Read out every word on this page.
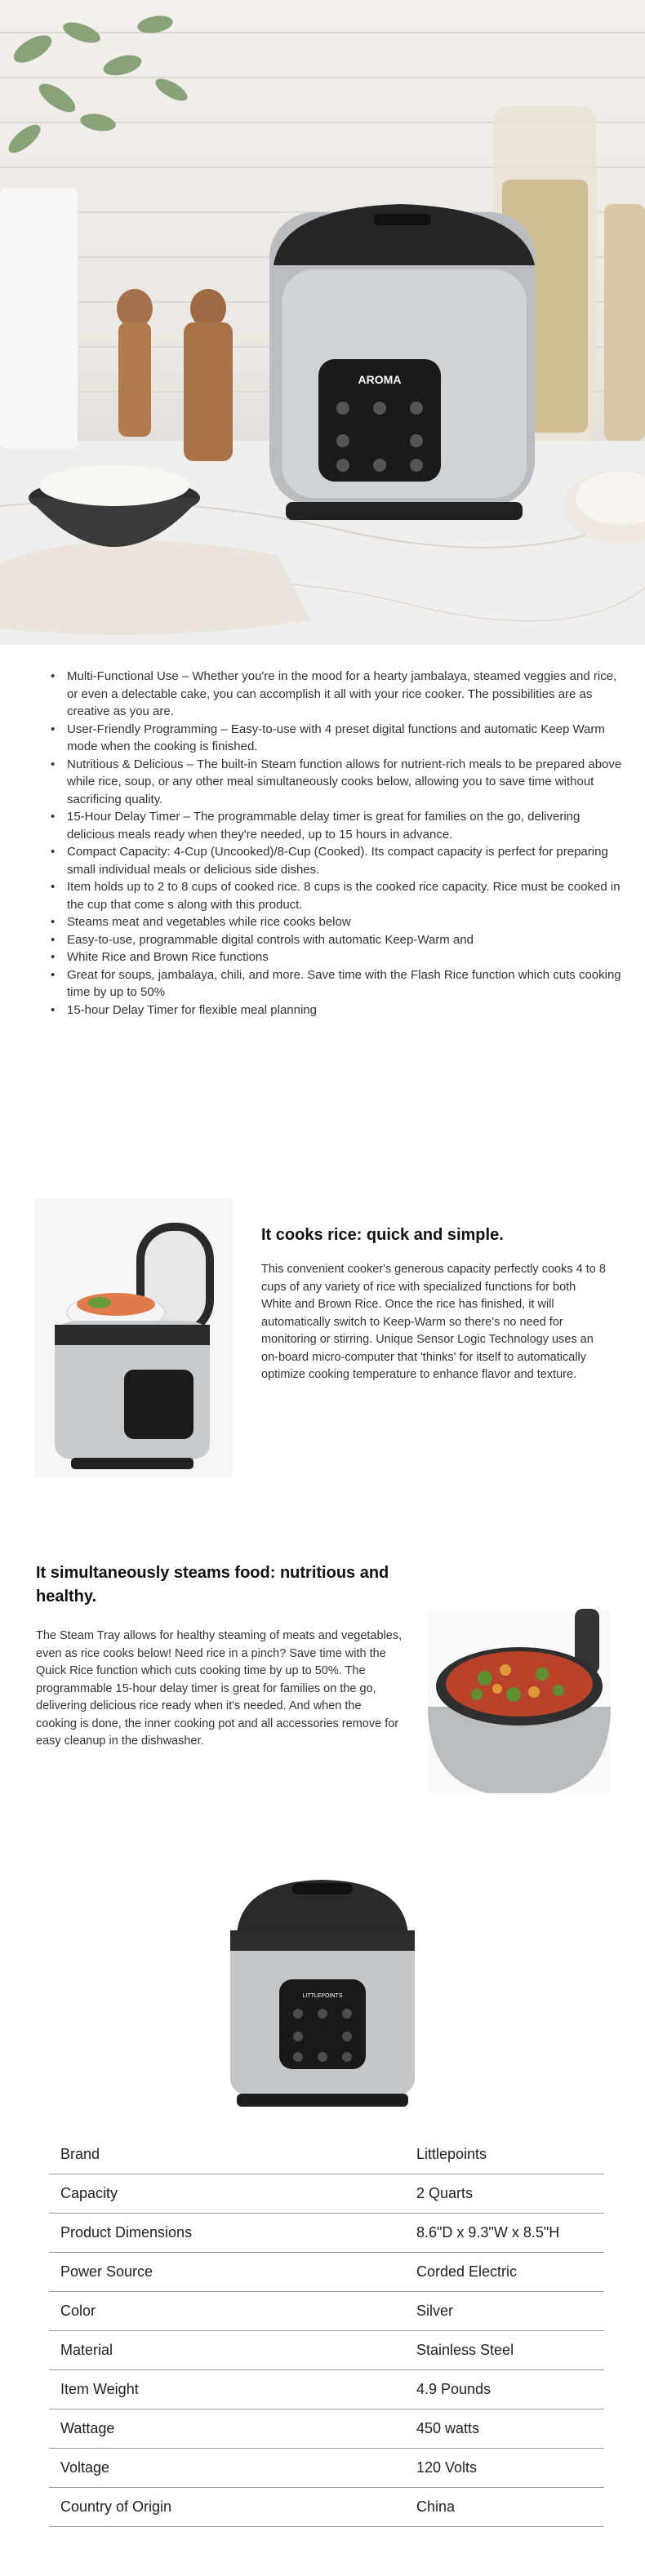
AROMA
• Multi-Functional Use – Whether you're in the mood for a hearty jambalaya, steamed veggies and rice, or even a delectable cake, you can accomplish it all with your rice cooker. The possibilities are as creative as you are.
• User-Friendly Programming – Easy-to-use with 4 preset digital functions and automatic Keep Warm mode when the cooking is finished.
• Nutritious & Delicious – The built-in Steam function allows for nutrient-rich meals to be prepared above while rice, soup, or any other meal simultaneously cooks below, allowing you to save time without sacrificing quality.
• 15-Hour Delay Timer – The programmable delay timer is great for families on the go, delivering delicious meals ready when they're needed, up to 15 hours in advance.
• Compact Capacity: 4-Cup (Uncooked)/8-Cup (Cooked). Its compact capacity is perfect for preparing small individual meals or delicious side dishes.
• Item holds up to 2 to 8 cups of cooked rice. 8 cups is the cooked rice capacity. Rice must be cooked in the cup that come s along with this product.
• Steams meat and vegetables while rice cooks below
• Easy-to-use, programmable digital controls with automatic Keep-Warm and
• White Rice and Brown Rice functions
• Great for soups, jambalaya, chili, and more. Save time with the Flash Rice function which cuts cooking time by up to 50%
• 15-hour Delay Timer for flexible meal planning
It cooks rice: quick and simple.
This convenient cooker's generous capacity perfectly cooks 4 to 8 cups of any variety of rice with specialized functions for both White and Brown Rice. Once the rice has finished, it will automatically switch to Keep-Warm so there's no need for monitoring or stirring. Unique Sensor Logic Technology uses an on-board micro-computer that 'thinks' for itself to automatically optimize cooking temperature to enhance flavor and texture.
It simultaneously steams food: nutritious and healthy.
The Steam Tray allows for healthy steaming of meats and vegetables, even as rice cooks below! Need rice in a pinch? Save time with the Quick Rice function which cuts cooking time by up to 50%. The programmable 15-hour delay timer is great for families on the go, delivering delicious rice ready when it's needed. And when the cooking is done, the inner cooking pot and all accessories remove for easy cleanup in the dishwasher.
LITTLEPOINTS
Brand	Littlepoints
Capacity	2 Quarts
Product Dimensions	8.6"D x 9.3"W x 8.5"H
Power Source	Corded Electric
Color	Silver
Material	Stainless Steel
Item Weight	4.9 Pounds
Wattage	450 watts
Voltage	120 Volts
Country of Origin	China
